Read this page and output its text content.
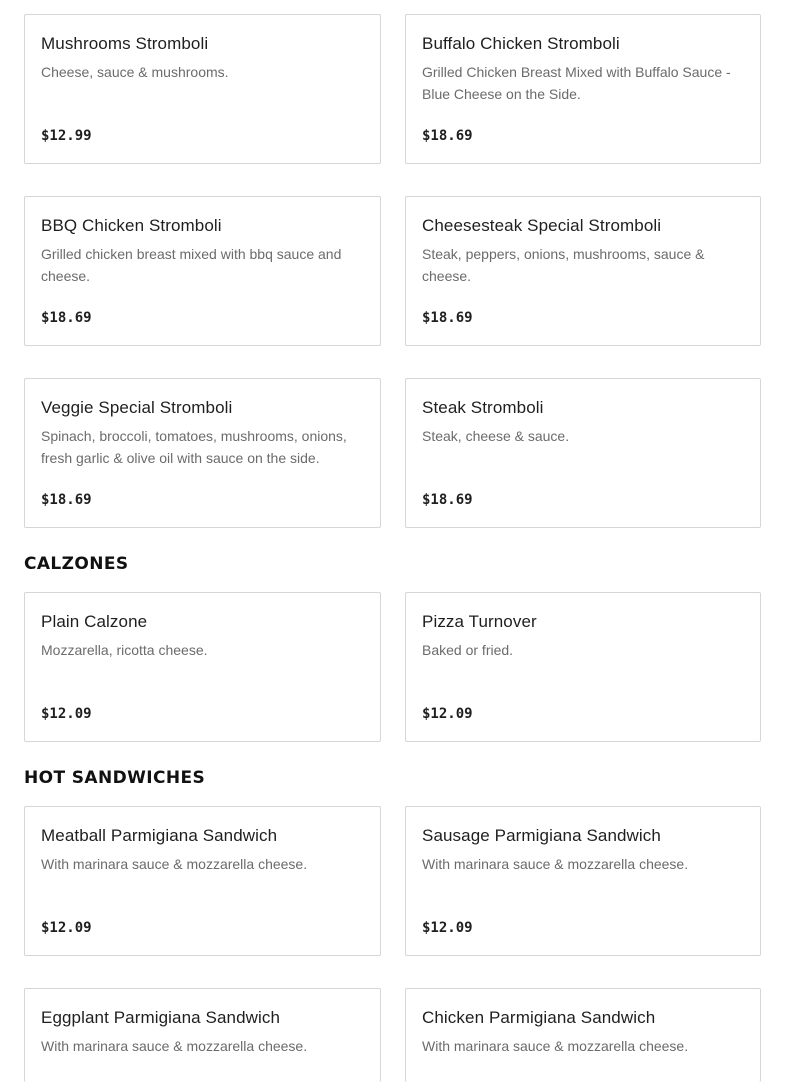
Mushrooms Stromboli
Cheese, sauce & mushrooms.
$12.99
Buffalo Chicken Stromboli
Grilled Chicken Breast Mixed with Buffalo Sauce - Blue Cheese on the Side.
$18.69
BBQ Chicken Stromboli
Grilled chicken breast mixed with bbq sauce and cheese.
$18.69
Cheesesteak Special Stromboli
Steak, peppers, onions, mushrooms, sauce & cheese.
$18.69
Veggie Special Stromboli
Spinach, broccoli, tomatoes, mushrooms, onions, fresh garlic & olive oil with sauce on the side.
$18.69
Steak Stromboli
Steak, cheese & sauce.
$18.69
CALZONES
Plain Calzone
Mozzarella, ricotta cheese.
$12.09
Pizza Turnover
Baked or fried.
$12.09
HOT SANDWICHES
Meatball Parmigiana Sandwich
With marinara sauce & mozzarella cheese.
$12.09
Sausage Parmigiana Sandwich
With marinara sauce & mozzarella cheese.
$12.09
Eggplant Parmigiana Sandwich
With marinara sauce & mozzarella cheese.
Chicken Parmigiana Sandwich
With marinara sauce & mozzarella cheese.
